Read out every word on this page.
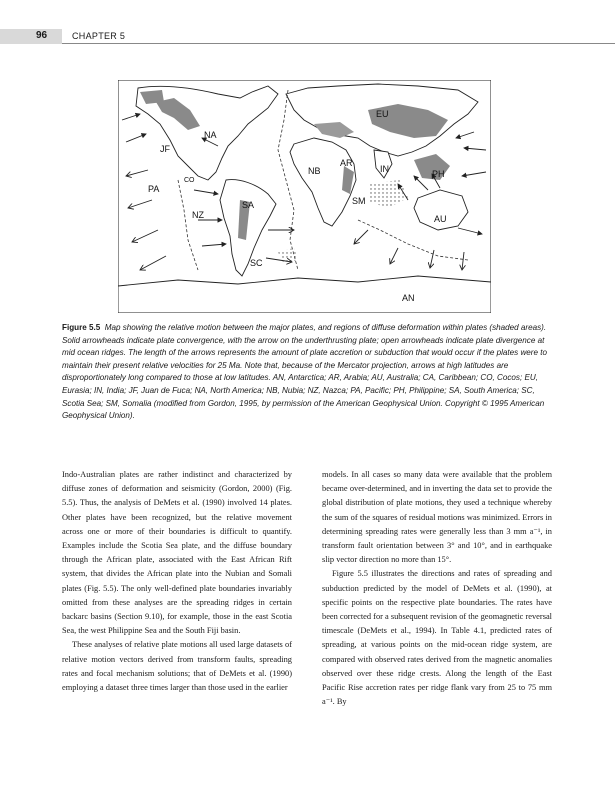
96	CHAPTER 5
EU
NA
JF
CO
PA
NB
AR
IN	PH
SA
NZ
SM
AU
SC
AN
Figure 5.5 Map showing the relative motion between the major plates, and regions of diffuse deformation within plates (shaded areas). Solid arrowheads indicate plate convergence, with the arrow on the underthrusting plate; open arrowheads indicate plate divergence at mid ocean ridges. The length of the arrows represents the amount of plate accretion or subduction that would occur if the plates were to maintain their present relative velocities for 25 Ma. Note that, because of the Mercator projection, arrows at high latitudes are disproportionately long compared to those at low latitudes. AN, Antarctica; AR, Arabia; AU, Australia; CA, Caribbean; CO, Cocos; EU, Eurasia; IN, India; JF, Juan de Fuca; NA, North America; NB, Nubia; NZ, Nazca; PA, Pacific; PH, Philippine; SA, South America; SC, Scotia Sea; SM, Somalia (modified from Gordon, 1995, by permission of the American Geophysical Union. Copyright © 1995 American Geophysical Union).

Indo-Australian plates are rather indistinct and characterized by diffuse zones of deformation and seismicity (Gordon, 2000) (Fig. 5.5). Thus, the analysis of DeMets et al. (1990) involved 14 plates. Other plates have been recognized, but the relative movement across one or more of their boundaries is difficult to quantify. Examples include the Scotia Sea plate, and the diffuse boundary through the African plate, associated with the East African Rift system, that divides the African plate into the Nubian and Somali plates (Fig. 5.5). The only well-defined plate boundaries invariably omitted from these analyses are the spreading ridges in certain backarc basins (Section 9.10), for example, those in the east Scotia Sea, the west Philippine Sea and the South Fiji basin.

These analyses of relative plate motions all used large datasets of relative motion vectors derived from transform faults, spreading rates and focal mechanism solutions; that of DeMets et al. (1990) employing a dataset three times larger than those used in the earlier

models. In all cases so many data were available that the problem became over-determined, and in inverting the data set to provide the global distribution of plate motions, they used a technique whereby the sum of the squares of residual motions was minimized. Errors in determining spreading rates were generally less than 3 mm a⁻¹, in transform fault orientation between 3° and 10°, and in earthquake slip vector direction no more than 15°.

Figure 5.5 illustrates the directions and rates of spreading and subduction predicted by the model of DeMets et al. (1990), at specific points on the respective plate boundaries. The rates have been corrected for a subsequent revision of the geomagnetic reversal timescale (DeMets et al., 1994). In Table 4.1, predicted rates of spreading, at various points on the mid-ocean ridge system, are compared with observed rates derived from the magnetic anomalies observed over these ridge crests. Along the length of the East Pacific Rise accretion rates per ridge flank vary from 25 to 75 mm a⁻¹. By
